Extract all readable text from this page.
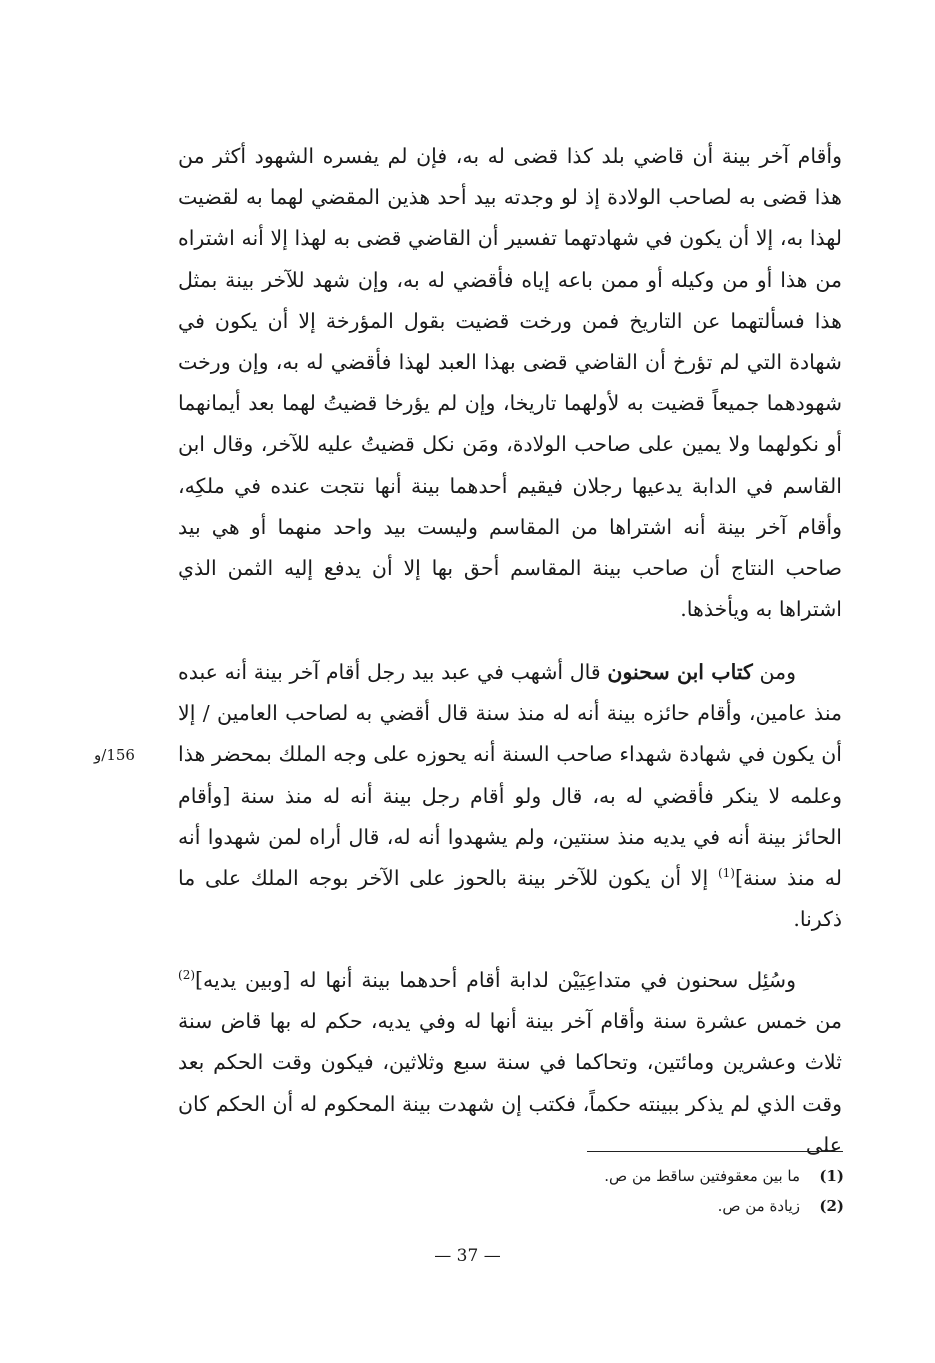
وأقام آخر بينة أن قاضي بلد كذا قضى له به، فإن لم يفسره الشهود أكثر من هذا قضى به لصاحب الولادة إذ لو وجدته بيد أحد هذين المقضي لهما به لقضيت لهذا به، إلا أن يكون في شهادتهما تفسير أن القاضي قضى به لهذا إلا أنه اشتراه من هذا أو من وكيله أو ممن باعه إياه فأقضي له به، وإن شهد للآخر بينة بمثل هذا فسألتهما عن التاريخ فمن ورخت قضيت بقول المؤرخة إلا أن يكون في شهادة التي لم تؤرخ أن القاضي قضى بهذا العبد لهذا فأقضي له به، وإن ورخت شهودهما جميعاً قضيت به لأولهما تاريخا، وإن لم يؤرخا قضيتُ لهما بعد أيمانهما أو نكولهما ولا يمين على صاحب الولادة، ومَن نكل قضيتُ عليه للآخر، وقال ابن القاسم في الدابة يدعيها رجلان فيقيم أحدهما بينة أنها نتجت عنده في ملكِه، وأقام آخر بينة أنه اشتراها من المقاسم وليست بيد واحد منهما أو هي بيد صاحب النتاج أن صاحب بينة المقاسم أحق بها إلا أن يدفع إليه الثمن الذي اشتراها به ويأخذها.

ومن كتاب ابن سحنون قال أشهب في عبد بيد رجل أقام آخر بينة أنه عبده منذ عامين، وأقام حائزه بينة أنه له منذ سنة قال أقضي به لصاحب العامين / إلا أن يكون في شهادة شهداء صاحب السنة أنه يحوزه على وجه الملك بمحضر هذا وعلمه لا ينكر فأقضي له به، قال ولو أقام رجل بينة أنه له منذ سنة [وأقام الحائز بينة أنه في يديه منذ سنتين، ولم يشهدوا أنه له، قال أراه لمن شهدوا أنه له منذ سنة]$^{(1)}$ إلا أن يكون للآخر بينة بالحوز على الآخر بوجه الملك على ما ذكرنا.

156/و

وسُئِل سحنون في متداعِيَيْن لدابة أقام أحدهما بينة أنها له [وبين يديه]$^{(2)}$ من خمس عشرة سنة وأقام آخر بينة أنها له وفي يديه، حكم له بها قاض سنة ثلاث وعشرين ومائتين، وتحاكما في سنة سبع وثلاثين، فيكون وقت الحكم بعد وقت الذي لم يذكر ببينته حكماً، فكتب إن شهدت بينة المحكوم له أن الحكم كان على

(1)ما بين معقوفتين ساقط من ص.
(2)زيادة من ص.
— 37 —
